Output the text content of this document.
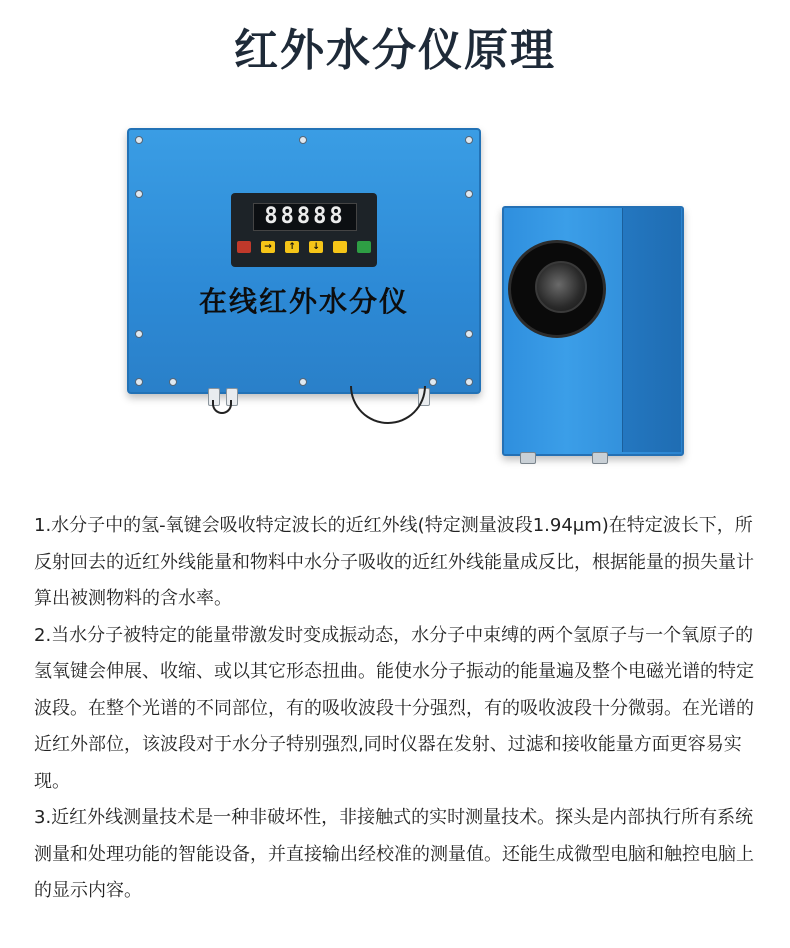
红外水分仪原理
88888
→	↑	↓
在线红外水分仪

1.水分子中的氢-氧键会吸收特定波长的近红外线(特定测量波段1.94μm)在特定波长下，所反射回去的近红外线能量和物料中水分子吸收的近红外线能量成反比，根据能量的损失量计算出被测物料的含水率。

2.当水分子被特定的能量带激发时变成振动态，水分子中束缚的两个氢原子与一个氧原子的氢氧键会伸展、收缩、或以其它形态扭曲。能使水分子振动的能量遍及整个电磁光谱的特定波段。在整个光谱的不同部位，有的吸收波段十分强烈，有的吸收波段十分微弱。在光谱的近红外部位，该波段对于水分子特别强烈,同时仪器在发射、过滤和接收能量方面更容易实现。

3.近红外线测量技术是一种非破坏性，非接触式的实时测量技术。探头是内部执行所有系统测量和处理功能的智能设备，并直接输出经校准的测量值。还能生成微型电脑和触控电脑上的显示内容。
